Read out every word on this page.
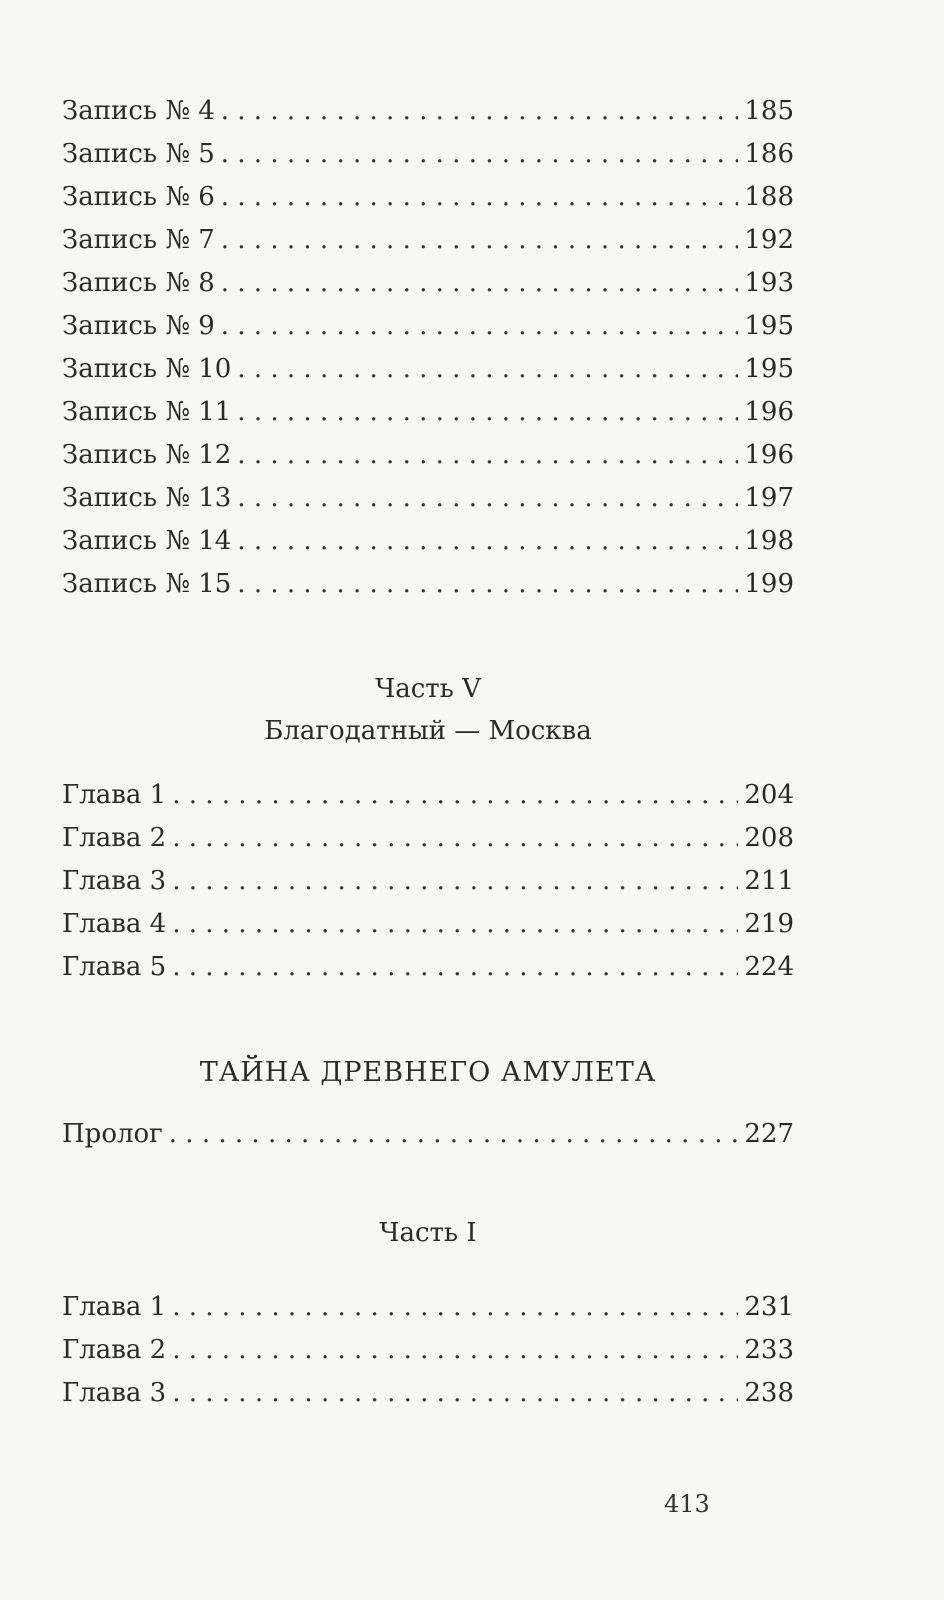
Запись № 4 . . .	185
Запись № 5 . . .	186
Запись № 6 . . .	188
Запись № 7 . . .	192
Запись № 8 . . .	193
Запись № 9 . . .	195
Запись № 10 . . .	195
Запись № 11 . . .	196
Запись № 12 . . .	196
Запись № 13 . . .	197
Запись № 14 . . .	198
Запись № 15 . . .	199
Часть V
Благодатный — Москва
Глава 1 . . .	204
Глава 2 . . .	208
Глава 3 . . .	211
Глава 4 . . .	219
Глава 5 . . .	224
ТАЙНА ДРЕВНЕГО АМУЛЕТА
Пролог . . .	227
Часть I
Глава 1 . . .	231
Глава 2 . . .	233
Глава 3 . . .	238
413
